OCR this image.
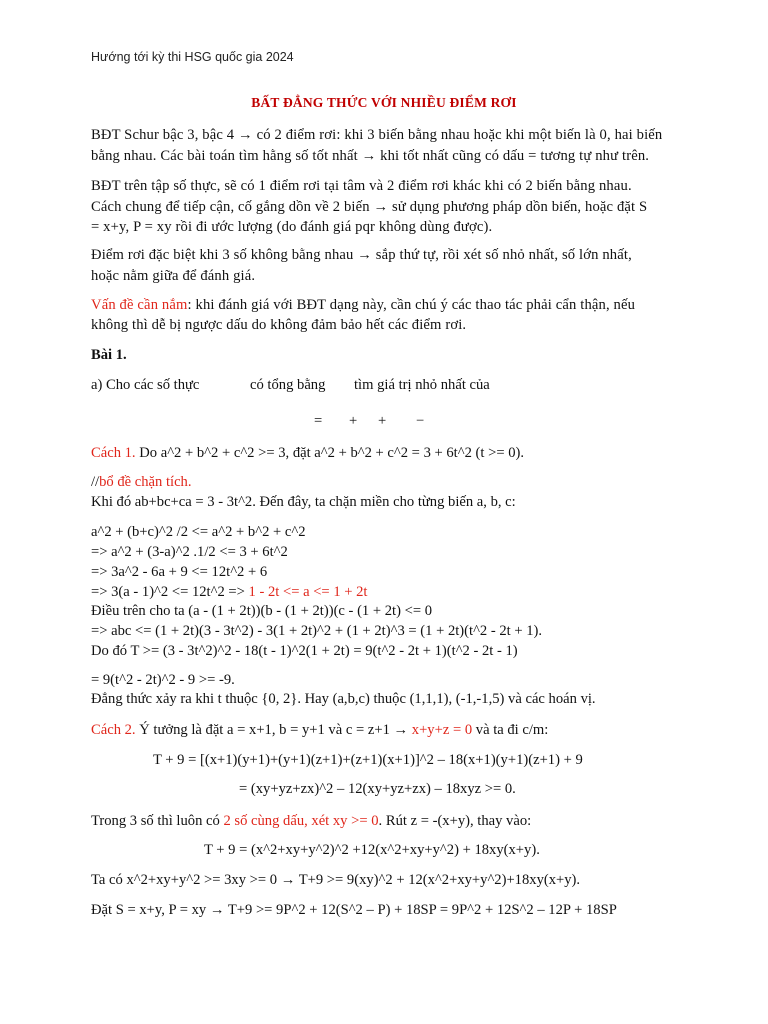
Hướng tới kỳ thi HSG quốc gia 2024
BẤT ĐẲNG THỨC VỚI NHIỀU ĐIỂM RƠI
BĐT Schur bậc 3, bậc 4 → có 2 điểm rơi: khi 3 biến bằng nhau hoặc khi một biến là 0, hai biến
bằng nhau. Các bài toán tìm hằng số tốt nhất → khi tốt nhất cũng có dấu = tương tự như trên.
BĐT trên tập số thực, sẽ có 1 điểm rơi tại tâm và 2 điểm rơi khác khi có 2 biến bằng nhau.
Cách chung để tiếp cận, cố gắng dồn về 2 biến → sử dụng phương pháp dồn biến, hoặc đặt S
= x+y, P = xy rồi đi ước lượng (do đánh giá pqr không dùng được).
Điểm rơi đặc biệt khi 3 số không bằng nhau → sắp thứ tự, rồi xét số nhỏ nhất, số lớn nhất,
hoặc nằm giữa để đánh giá.
Vấn đề cần nắm: khi đánh giá với BĐT dạng này, cần chú ý các thao tác phải cẩn thận, nếu
không thì dễ bị ngược dấu do không đảm bảo hết các điểm rơi.
Bài 1.
a) Cho các số thực	có tổng bằng tìm giá trị nhỏ nhất của
= + + −
Cách 1. Do a^2 + b^2 + c^2 >= 3, đặt a^2 + b^2 + c^2 = 3 + 6t^2 (t >= 0).
//bổ đề chặn tích.
Khi đó ab+bc+ca = 3 - 3t^2. Đến đây, ta chặn miền cho từng biến a, b, c:
a^2 + (b+c)^2 /2 <= a^2 + b^2 + c^2
=> a^2 + (3-a)^2 .1/2 <= 3 + 6t^2
=> 3a^2 - 6a + 9 <= 12t^2 + 6
=> 3(a - 1)^2 <= 12t^2 => 1 - 2t <= a <= 1 + 2t
Điều trên cho ta (a - (1 + 2t))(b - (1 + 2t))(c - (1 + 2t) <= 0
=> abc <= (1 + 2t)(3 - 3t^2) - 3(1 + 2t)^2 + (1 + 2t)^3 = (1 + 2t)(t^2 - 2t + 1).
Do đó T >= (3 - 3t^2)^2 - 18(t - 1)^2(1 + 2t) = 9(t^2 - 2t + 1)(t^2 - 2t - 1)
= 9(t^2 - 2t)^2 - 9 >= -9.
Đẳng thức xảy ra khi t thuộc {0, 2}. Hay (a,b,c) thuộc (1,1,1), (-1,-1,5) và các hoán vị.
Cách 2. Ý tưởng là đặt a = x+1, b = y+1 và c = z+1 → x+y+z = 0 và ta đi c/m:
T + 9 = [(x+1)(y+1)+(y+1)(z+1)+(z+1)(x+1)]^2 – 18(x+1)(y+1)(z+1) + 9
= (xy+yz+zx)^2 – 12(xy+yz+zx) – 18xyz >= 0.
Trong 3 số thì luôn có 2 số cùng dấu, xét xy >= 0. Rút z = -(x+y), thay vào:
T + 9 = (x^2+xy+y^2)^2 +12(x^2+xy+y^2) + 18xy(x+y).
Ta có x^2+xy+y^2 >= 3xy >= 0 → T+9 >= 9(xy)^2 + 12(x^2+xy+y^2)+18xy(x+y).
Đặt S = x+y, P = xy → T+9 >= 9P^2 + 12(S^2 – P) + 18SP = 9P^2 + 12S^2 – 12P + 18SP
